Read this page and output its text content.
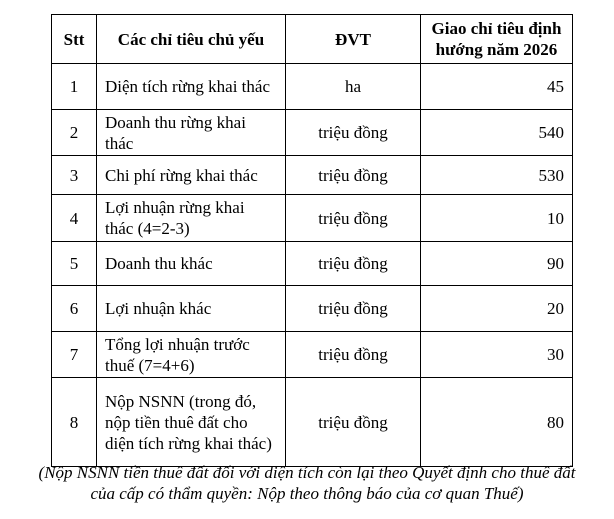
Stt	Các chỉ tiêu chủ yếu	ĐVT	Giao chỉ tiêu định
hướng năm 2026
1	Diện tích rừng khai thác	ha	45
2	Doanh thu rừng khai thác	triệu đồng	540
3	Chi phí rừng khai thác	triệu đồng	530
4	Lợi nhuận rừng khai thác (4=2-3)	triệu đồng	10
5	Doanh thu khác	triệu đồng	90
6	Lợi nhuận khác	triệu đồng	20
7	Tổng lợi nhuận trước thuế (7=4+6)	triệu đồng	30
8	Nộp NSNN (trong đó, nộp tiền thuê đất cho diện tích rừng khai thác)	triệu đồng	80

(Nộp NSNN tiền thuê đất đối với diện tích còn lại theo Quyết định cho thuê đất
của cấp có thẩm quyền: Nộp theo thông báo của cơ quan Thuế)
